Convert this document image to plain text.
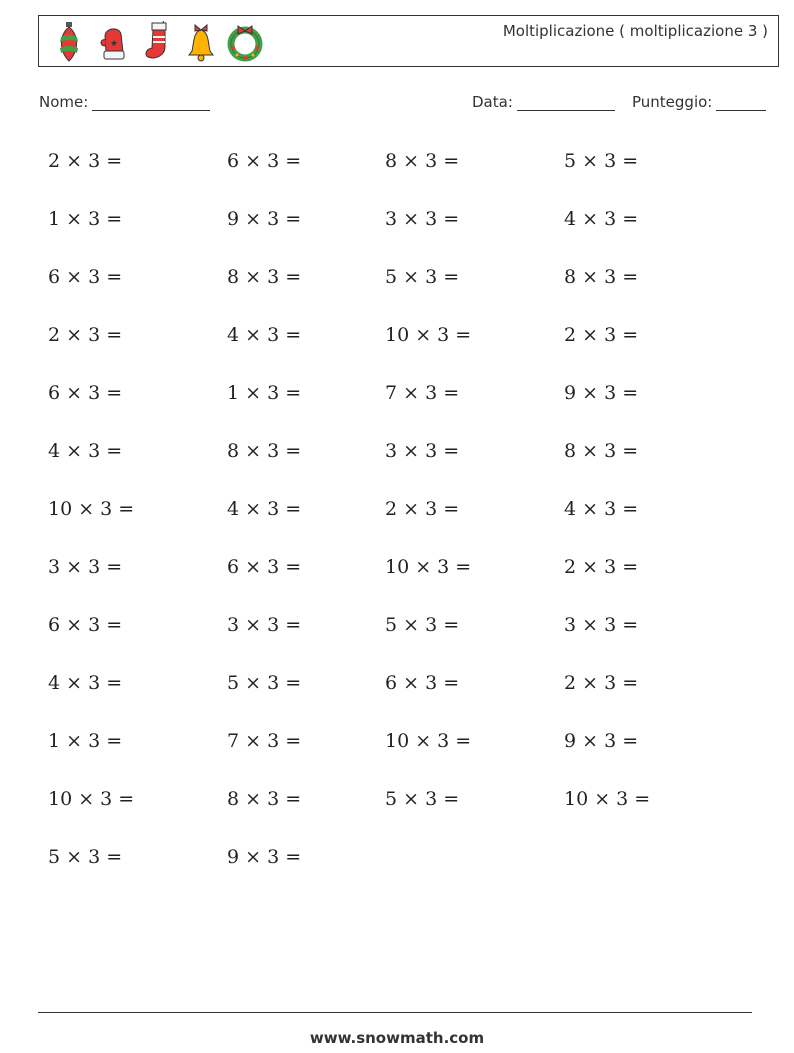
★
Moltiplicazione ( moltiplicazione 3 )
Nome:	Data:	Punteggio:
2 × 3 =	6 × 3 =	8 × 3 =	5 × 3 =
1 × 3 =	9 × 3 =	3 × 3 =	4 × 3 =
6 × 3 =	8 × 3 =	5 × 3 =	8 × 3 =
2 × 3 =	4 × 3 =	10 × 3 =	2 × 3 =
6 × 3 =	1 × 3 =	7 × 3 =	9 × 3 =
4 × 3 =	8 × 3 =	3 × 3 =	8 × 3 =
10 × 3 =	4 × 3 =	2 × 3 =	4 × 3 =
3 × 3 =	6 × 3 =	10 × 3 =	2 × 3 =
6 × 3 =	3 × 3 =	5 × 3 =	3 × 3 =
4 × 3 =	5 × 3 =	6 × 3 =	2 × 3 =
1 × 3 =	7 × 3 =	10 × 3 =	9 × 3 =
10 × 3 =	8 × 3 =	5 × 3 =	10 × 3 =
5 × 3 =	9 × 3 =
www.snowmath.com
